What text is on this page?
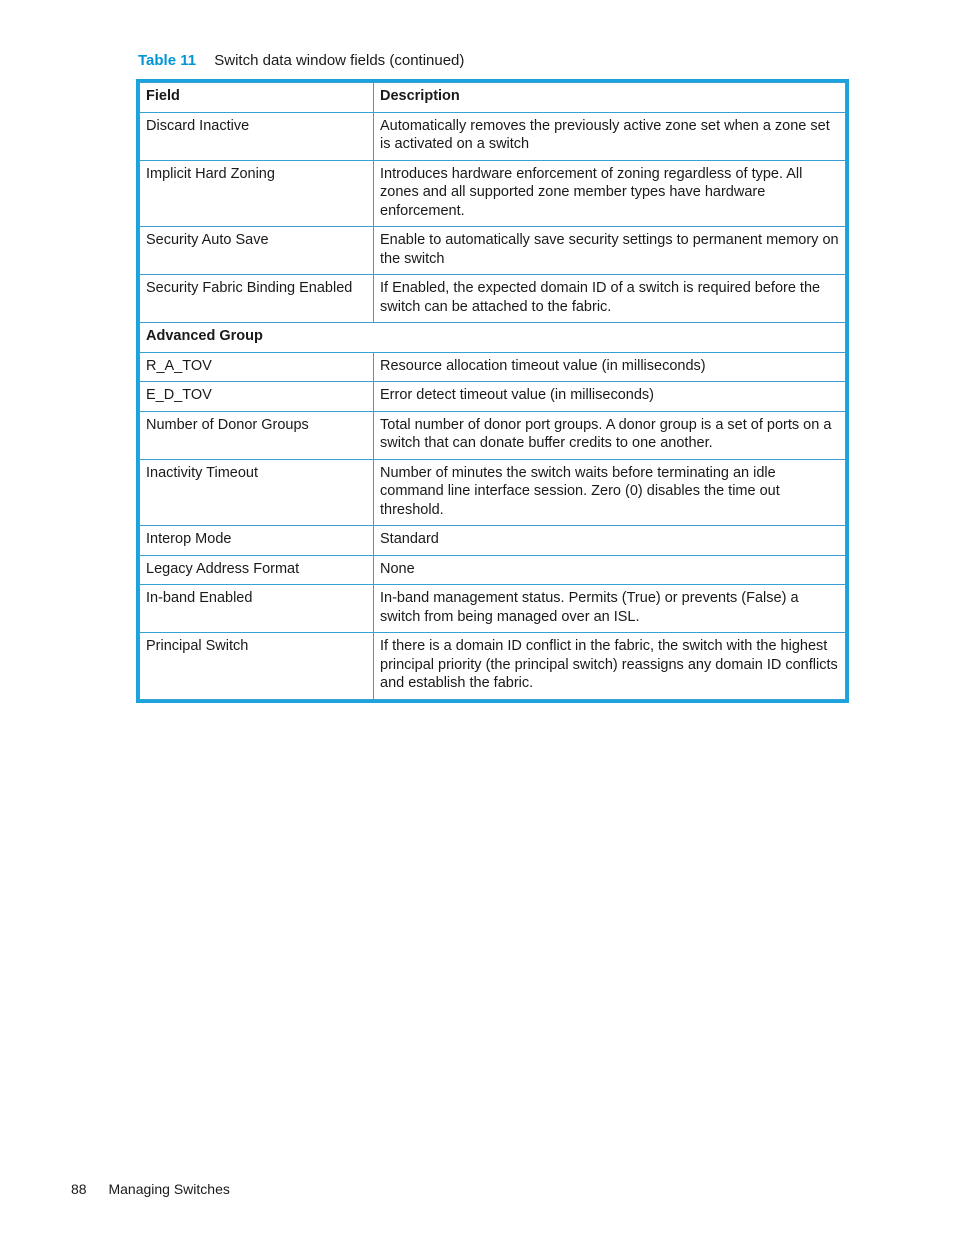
Table 11 Switch data window fields (continued)
Field	Description
Discard Inactive	Automatically removes the previously active zone set when a zone set is activated on a switch
Implicit Hard Zoning	Introduces hardware enforcement of zoning regardless of type. All zones and all supported zone member types have hardware enforcement.
Security Auto Save	Enable to automatically save security settings to permanent memory on the switch
Security Fabric Binding Enabled	If Enabled, the expected domain ID of a switch is required before the switch can be attached to the fabric.
Advanced Group	
R_A_TOV	Resource allocation timeout value (in milliseconds)
E_D_TOV	Error detect timeout value (in milliseconds)
Number of Donor Groups	Total number of donor port groups. A donor group is a set of ports on a switch that can donate buffer credits to one another.
Inactivity Timeout	Number of minutes the switch waits before terminating an idle command line interface session. Zero (0) disables the time out threshold.
Interop Mode	Standard
Legacy Address Format	None
In-band Enabled	In-band management status. Permits (True) or prevents (False) a switch from being managed over an ISL.
Principal Switch	If there is a domain ID conflict in the fabric, the switch with the highest principal priority (the principal switch) reassigns any domain ID conflicts and establish the fabric.
88 Managing Switches
